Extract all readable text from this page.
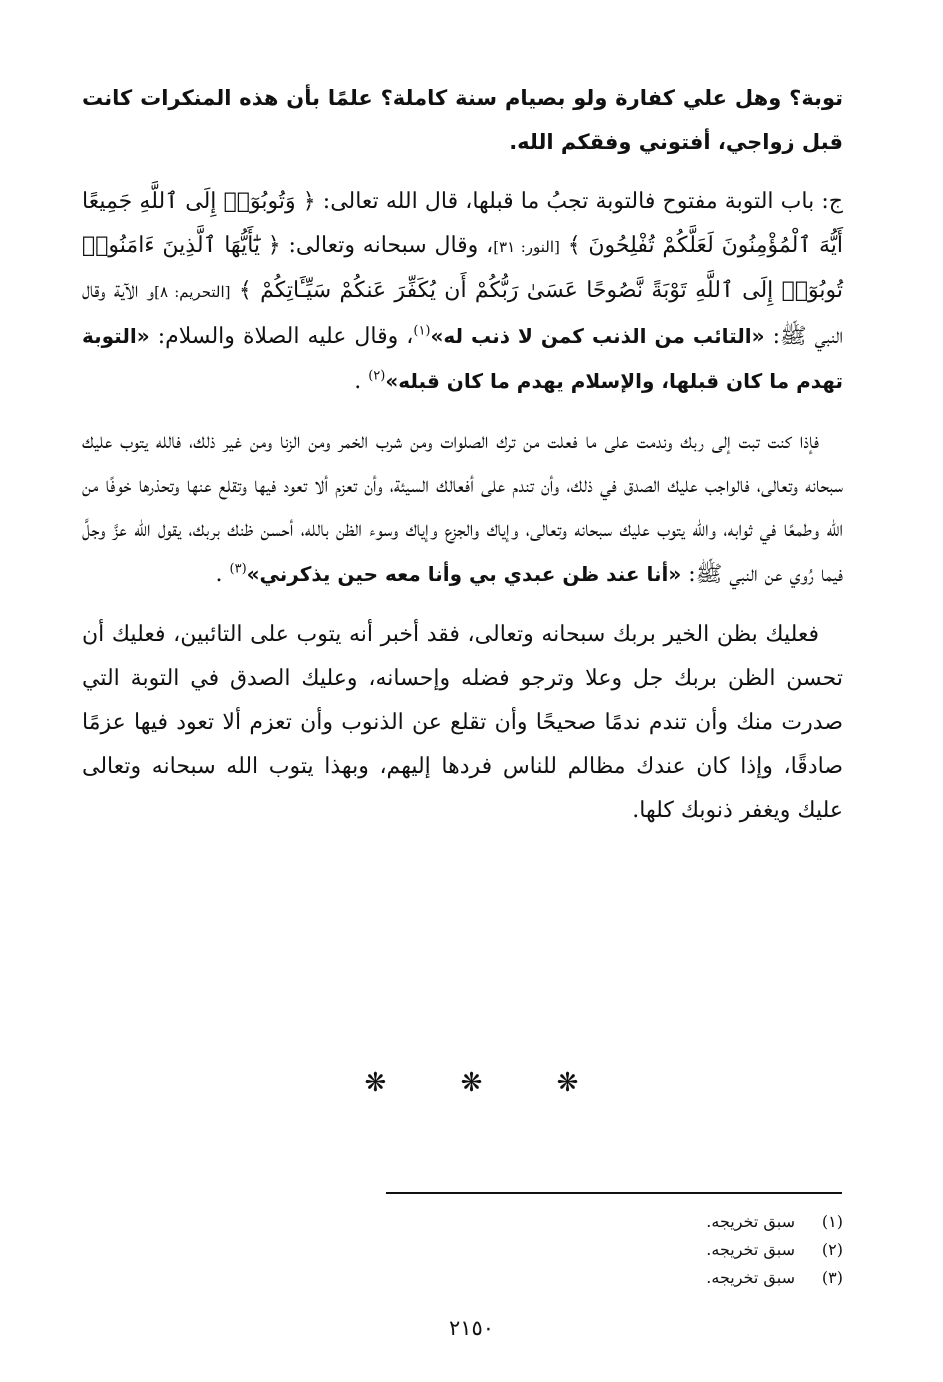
توبة؟ وهل علي كفارة ولو بصيام سنة كاملة؟ علمًا بأن هذه المنكرات كانت قبل زواجي، أفتوني وفقكم الله.

ج: باب التوبة مفتوح فالتوبة تجبُ ما قبلها، قال الله تعالى: ﴿ وَتُوبُوٓا۟ إِلَى ٱللَّهِ جَمِيعًا أَيُّهَ ٱلْمُؤْمِنُونَ لَعَلَّكُمْ تُفْلِحُونَ ﴾ [النور: ٣١]، وقال سبحانه وتعالى: ﴿ يَٰٓأَيُّهَا ٱلَّذِينَ ءَامَنُوا۟ تُوبُوٓا۟ إِلَى ٱللَّهِ تَوْبَةً نَّصُوحًا عَسَىٰ رَبُّكُمْ أَن يُكَفِّرَ عَنكُمْ سَيِّـَٔاتِكُمْ ﴾ [التحريم: ٨]و الآية وقال النبي ﷺ: «التائب من الذنب كمن لا ذنب له»$^{(١)}$، وقال عليه الصلاة والسلام: «التوبة تهدم ما كان قبلها، والإسلام يهدم ما كان قبله»$^{(٢)}$ .

فإذا كنت تبت إلى ربك وندمت على ما فعلت من ترك الصلوات ومن شرب الخمر ومن الزنا ومن غير ذلك، فالله يتوب عليك سبحانه وتعالى، فالواجب عليك الصدق في ذلك، وأن تندم على أفعالك السيئة، وأن تعزم ألا تعود فيها وتقلع عنها وتحذرها خوفًا من الله وطمعًا في ثوابه، والله يتوب عليك سبحانه وتعالى، وإياك والجزع وإياك وسوء الظن بالله، أحسن ظنك بربك، يقول الله عزَّ وجلَّ فيما رُوي عن النبي ﷺ: «أنا عند ظن عبدي بي وأنا معه حين يذكرني»$^{(٣)}$ .

فعليك بظن الخير بربك سبحانه وتعالى، فقد أخبر أنه يتوب على التائبين، فعليك أن تحسن الظن بربك جل وعلا وترجو فضله وإحسانه، وعليك الصدق في التوبة التي صدرت منك وأن تندم ندمًا صحيحًا وأن تقلع عن الذنوب وأن تعزم ألا تعود فيها عزمًا صادقًا، وإذا كان عندك مظالم للناس فردها إليهم، وبهذا يتوب الله سبحانه وتعالى عليك ويغفر ذنوبك كلها.

❋	❋	❋
(١)سبق تخريجه.
(٢)سبق تخريجه.
(٣)سبق تخريجه.
٢١٥٠
